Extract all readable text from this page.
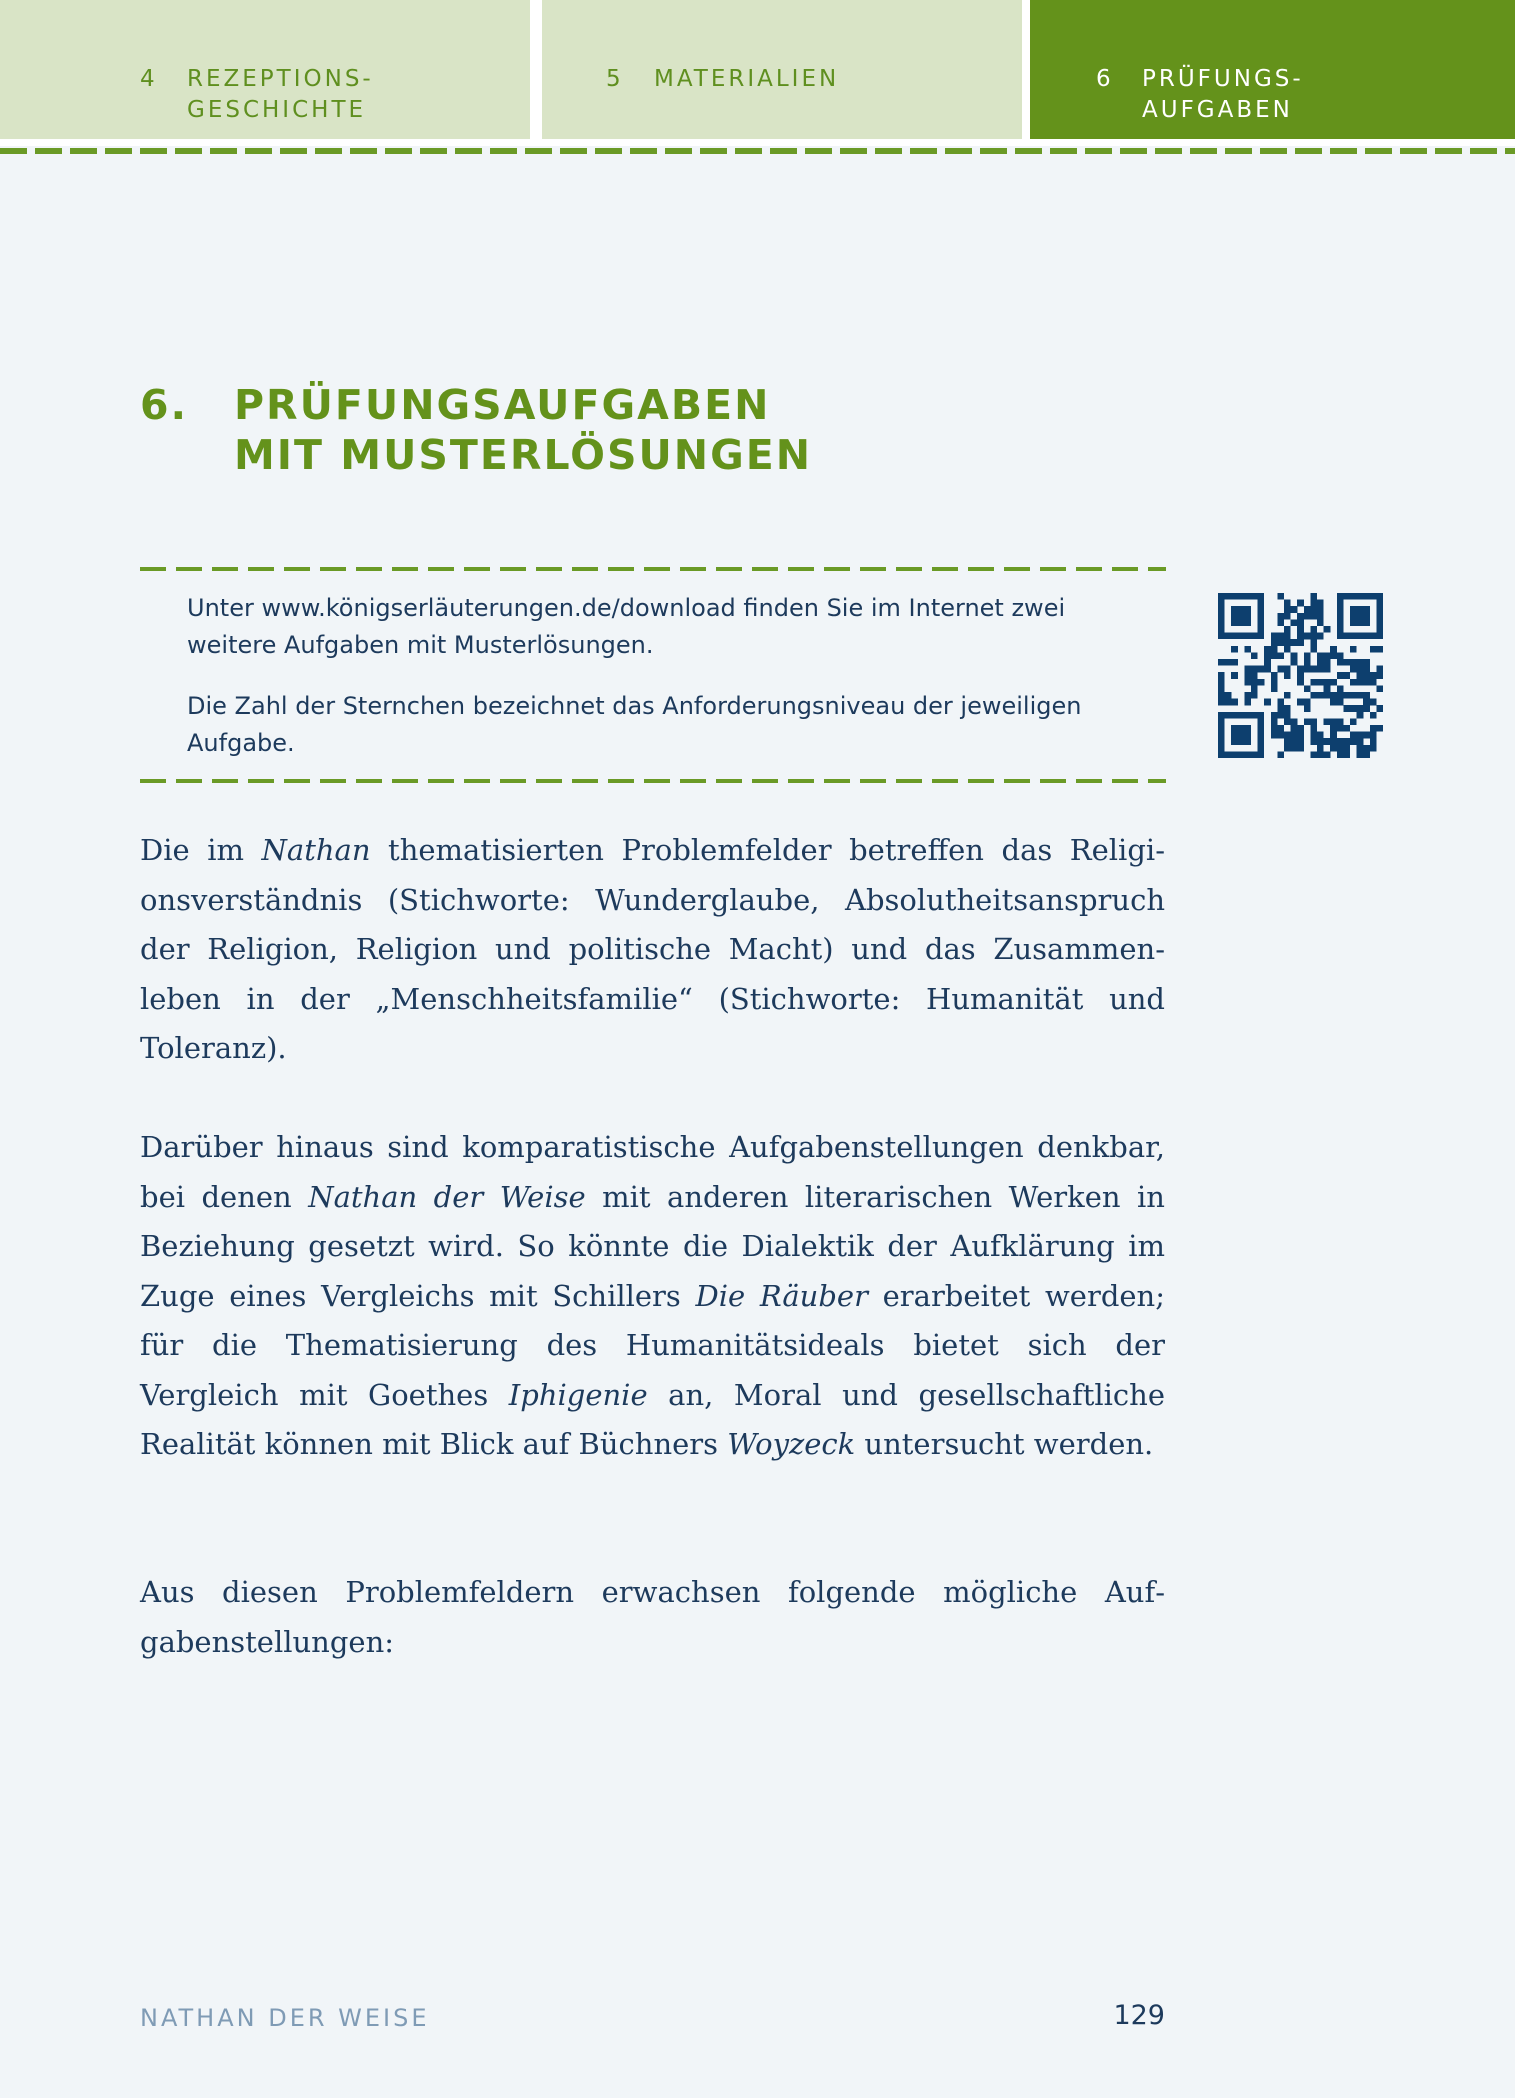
4 REZEPTIONS-
GESCHICHTE
5 MATERIALIEN	6 PRÜFUNGS-
AUFGABEN
6. PRÜFUNGSAUFGABEN
MIT MUSTERLÖSUNGEN
Unter www.königserläuterungen.de/download finden Sie im Internet zwei weitere Aufgaben mit Musterlösungen.
Die Zahl der Sternchen bezeichnet das Anforderungsniveau der jeweiligen Aufgabe.

Die im Nathan thematisierten Problemfelder betreffen das Religionsverständnis (Stichworte: Wunderglaube, Absolutheitsanspruch der Religion, Religion und politische Macht) und das Zusammenleben in der „Menschheitsfamilie“ (Stichworte: Humanität und Toleranz).

Darüber hinaus sind komparatistische Aufgabenstellungen denkbar, bei denen Nathan der Weise mit anderen literarischen Werken in Beziehung gesetzt wird. So könnte die Dialektik der Aufklärung im Zuge eines Vergleichs mit Schillers Die Räuber erarbeitet werden; für die Thematisierung des Humanitätsideals bietet sich der Vergleich mit Goethes Iphigenie an, Moral und gesellschaftliche Realität können mit Blick auf Büchners Woyzeck untersucht werden.

Aus diesen Problemfeldern erwachsen folgende mögliche Aufgabenstellungen:

NATHAN DER WEISE	129
